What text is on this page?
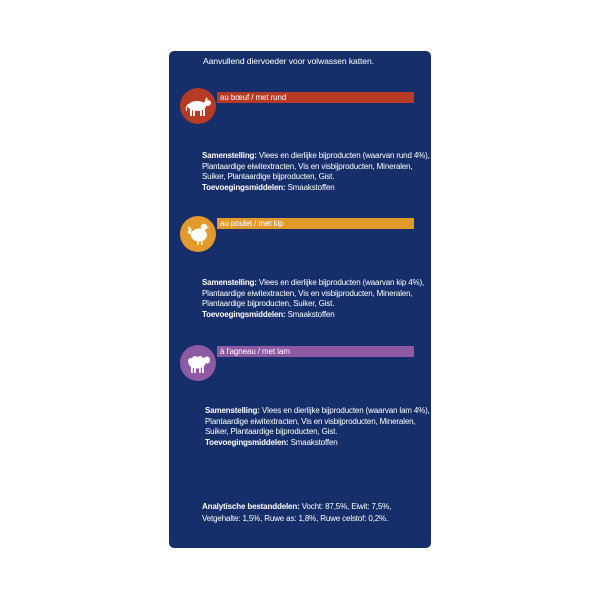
Aanvullend diervoeder voor volwassen katten.
au bœuf / met rund
Samenstelling: Vlees en dierlijke bijproducten (waarvan rund 4%), Plantaardige eiwitextracten, Vis en visbijproducten, Mineralen, Suiker, Plantaardige bijproducten, Gist.
Toevoegingsmiddelen: Smaakstoffen
au poulet / met kip
Samenstelling: Vlees en dierlijke bijproducten (waarvan kip 4%), Plantaardige eiwitextracten, Vis en visbijproducten, Mineralen, Plantaardige bijproducten, Suiker, Gist.
Toevoegingsmiddelen: Smaakstoffen
à l'agneau / met lam
Samenstelling: Vlees en dierlijke bijproducten (waarvan lam 4%), Plantaardige eiwitextracten, Vis en visbijproducten, Mineralen, Suiker, Plantaardige bijproducten, Gist.
Toevoegingsmiddelen: Smaakstoffen
Analytische bestanddelen: Vocht: 87,5%, Eiwit: 7,5%, Vetgehalte: 1,5%, Ruwe as: 1,8%, Ruwe celstof: 0,2%.
